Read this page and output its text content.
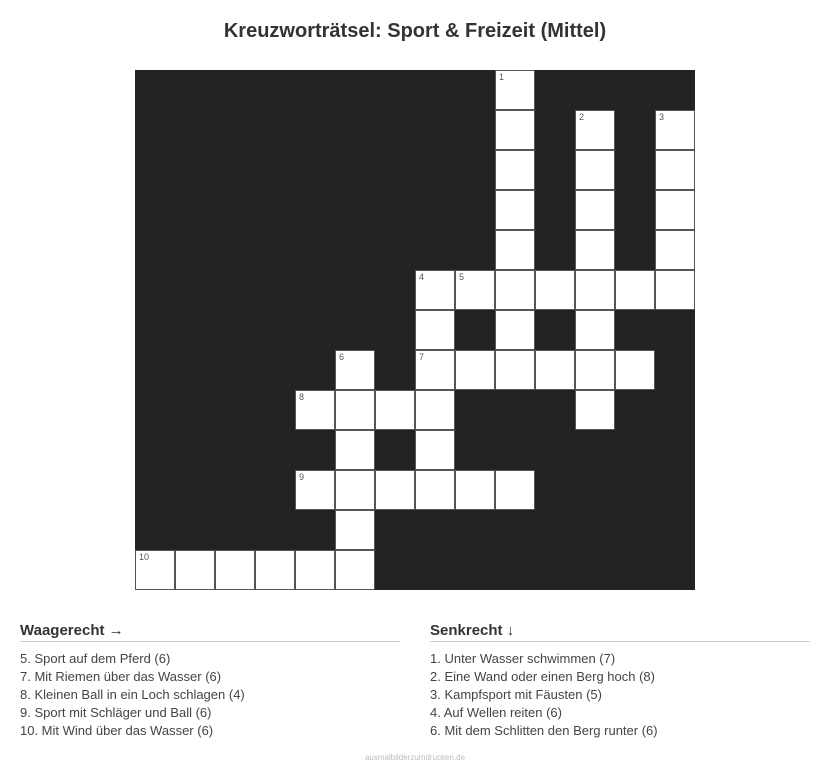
Kreuzworträtsel: Sport & Freizeit (Mittel)
1
2	3
4	5
6	7
8
9
10
Waagerecht →
5. Sport auf dem Pferd (6)
7. Mit Riemen über das Wasser (6)
8. Kleinen Ball in ein Loch schlagen (4)
9. Sport mit Schläger und Ball (6)
10. Mit Wind über das Wasser (6)
Senkrecht ↓
1. Unter Wasser schwimmen (7)
2. Eine Wand oder einen Berg hoch (8)
3. Kampfsport mit Fäusten (5)
4. Auf Wellen reiten (6)
6. Mit dem Schlitten den Berg runter (6)
ausmalbilderzumdrucken.de
